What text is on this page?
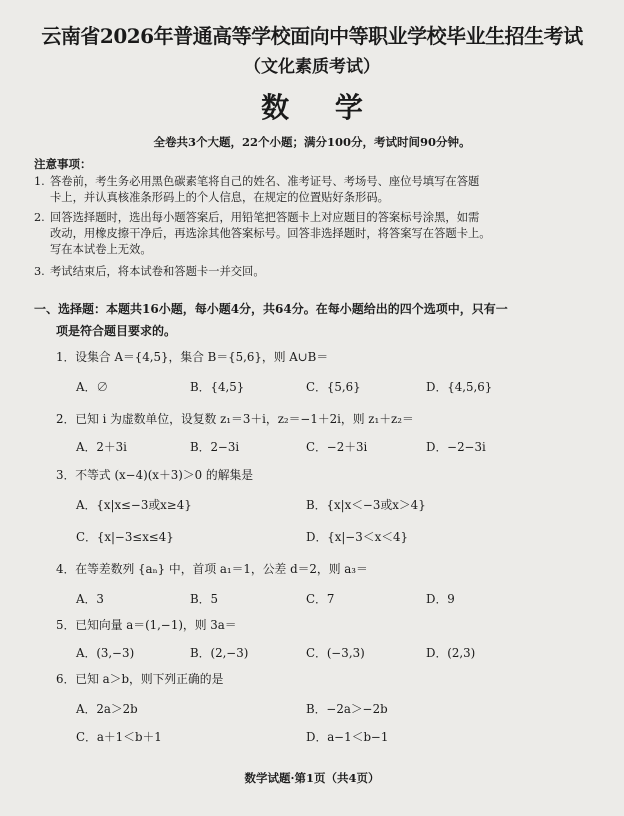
云南省2026年普通高等学校面向中等职业学校毕业生招生考试
（文化素质考试）
数 学
全卷共3个大题，22个小题；满分100分，考试时间90分钟。
注意事项：
1. 答卷前，考生务必用黑色碳素笔将自己的姓名、准考证号、考场号、座位号填写在答题
卡上，并认真核准条形码上的个人信息，在规定的位置贴好条形码。
2. 回答选择题时，选出每小题答案后，用铅笔把答题卡上对应题目的答案标号涂黑，如需
改动，用橡皮擦干净后，再选涂其他答案标号。回答非选择题时，将答案写在答题卡上。
写在本试卷上无效。
3. 考试结束后，将本试卷和答题卡一并交回。
一、选择题：本题共16小题，每小题4分，共64分。在每小题给出的四个选项中，只有一
项是符合题目要求的。
1．设集合 A＝{4,5}，集合 B＝{5,6}，则 A∪B＝
A．∅	B．{4,5}	C．{5,6}	D．{4,5,6}
2．已知 i 为虚数单位，设复数 z₁＝3＋i，z₂＝−1＋2i，则 z₁＋z₂＝
A．2＋3i	B．2−3i	C．−2＋3i	D．−2−3i
3．不等式 (x−4)(x＋3)＞0 的解集是
A．{x|x≤−3或x≥4}	B．{x|x＜−3或x＞4}
C．{x|−3≤x≤4}	D．{x|−3＜x＜4}
4．在等差数列 {aₙ} 中，首项 a₁＝1，公差 d＝2，则 a₃＝
A．3	B．5	C．7	D．9
5．已知向量 a＝(1,−1)，则 3a＝
A．(3,−3)	B．(2,−3)	C．(−3,3)	D．(2,3)
6．已知 a＞b，则下列正确的是
A．2a＞2b	B．−2a＞−2b
C．a＋1＜b＋1	D．a−1＜b−1
数学试题·第1页（共4页）
